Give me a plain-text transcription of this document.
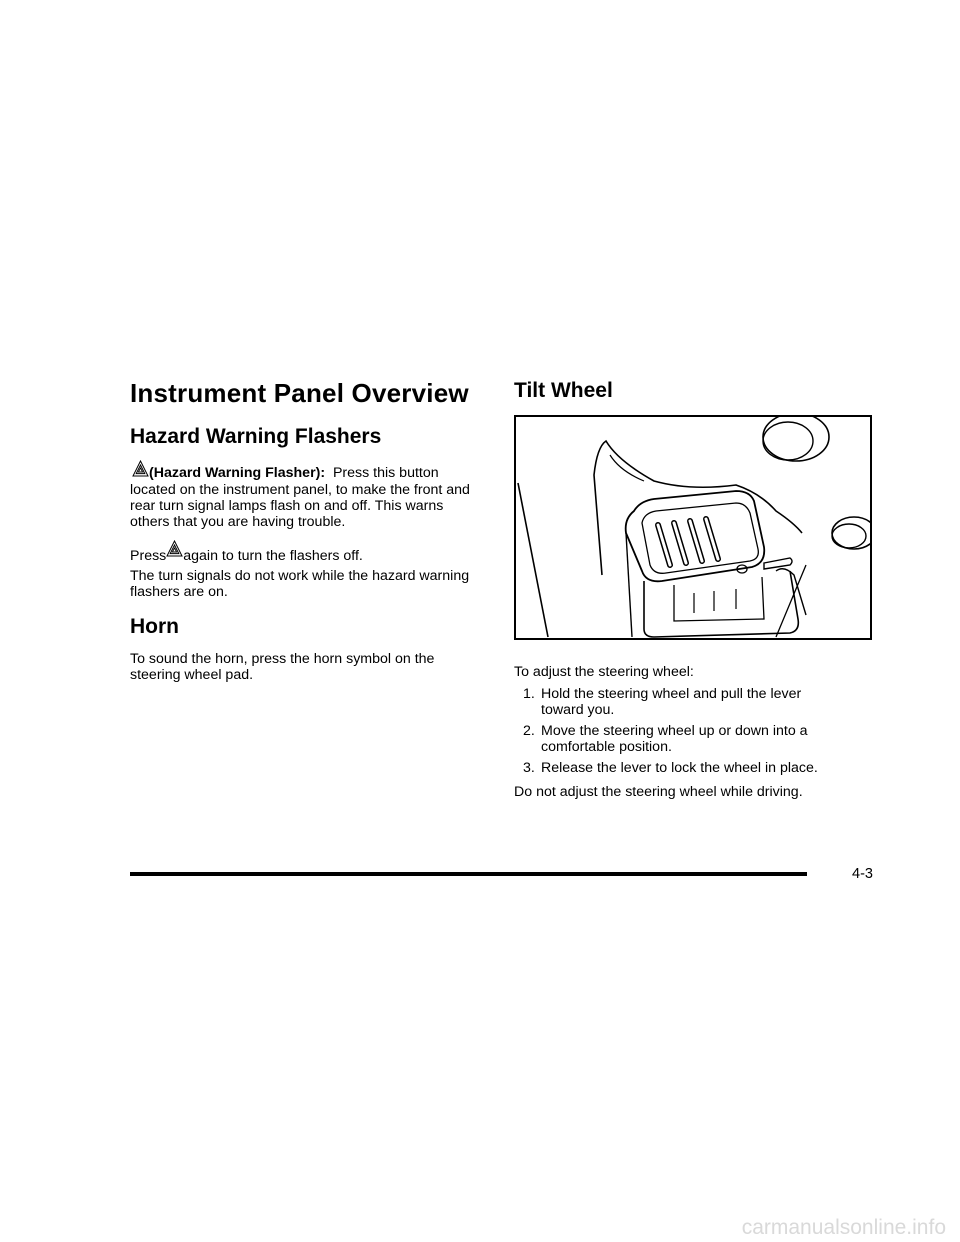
Instrument Panel Overview
Hazard Warning Flashers
(Hazard Warning Flasher): Press this button
located on the instrument panel, to make the front and
rear turn signal lamps flash on and off. This warns
others that you are having trouble.
Press again to turn the flashers off.
The turn signals do not work while the hazard warning
flashers are on.
Horn
To sound the horn, press the horn symbol on the
steering wheel pad.
Tilt Wheel
To adjust the steering wheel:
1. Hold the steering wheel and pull the lever
toward you.
2. Move the steering wheel up or down into a
comfortable position.
3. Release the lever to lock the wheel in place.
Do not adjust the steering wheel while driving.
4-3
carmanualsonline.info
